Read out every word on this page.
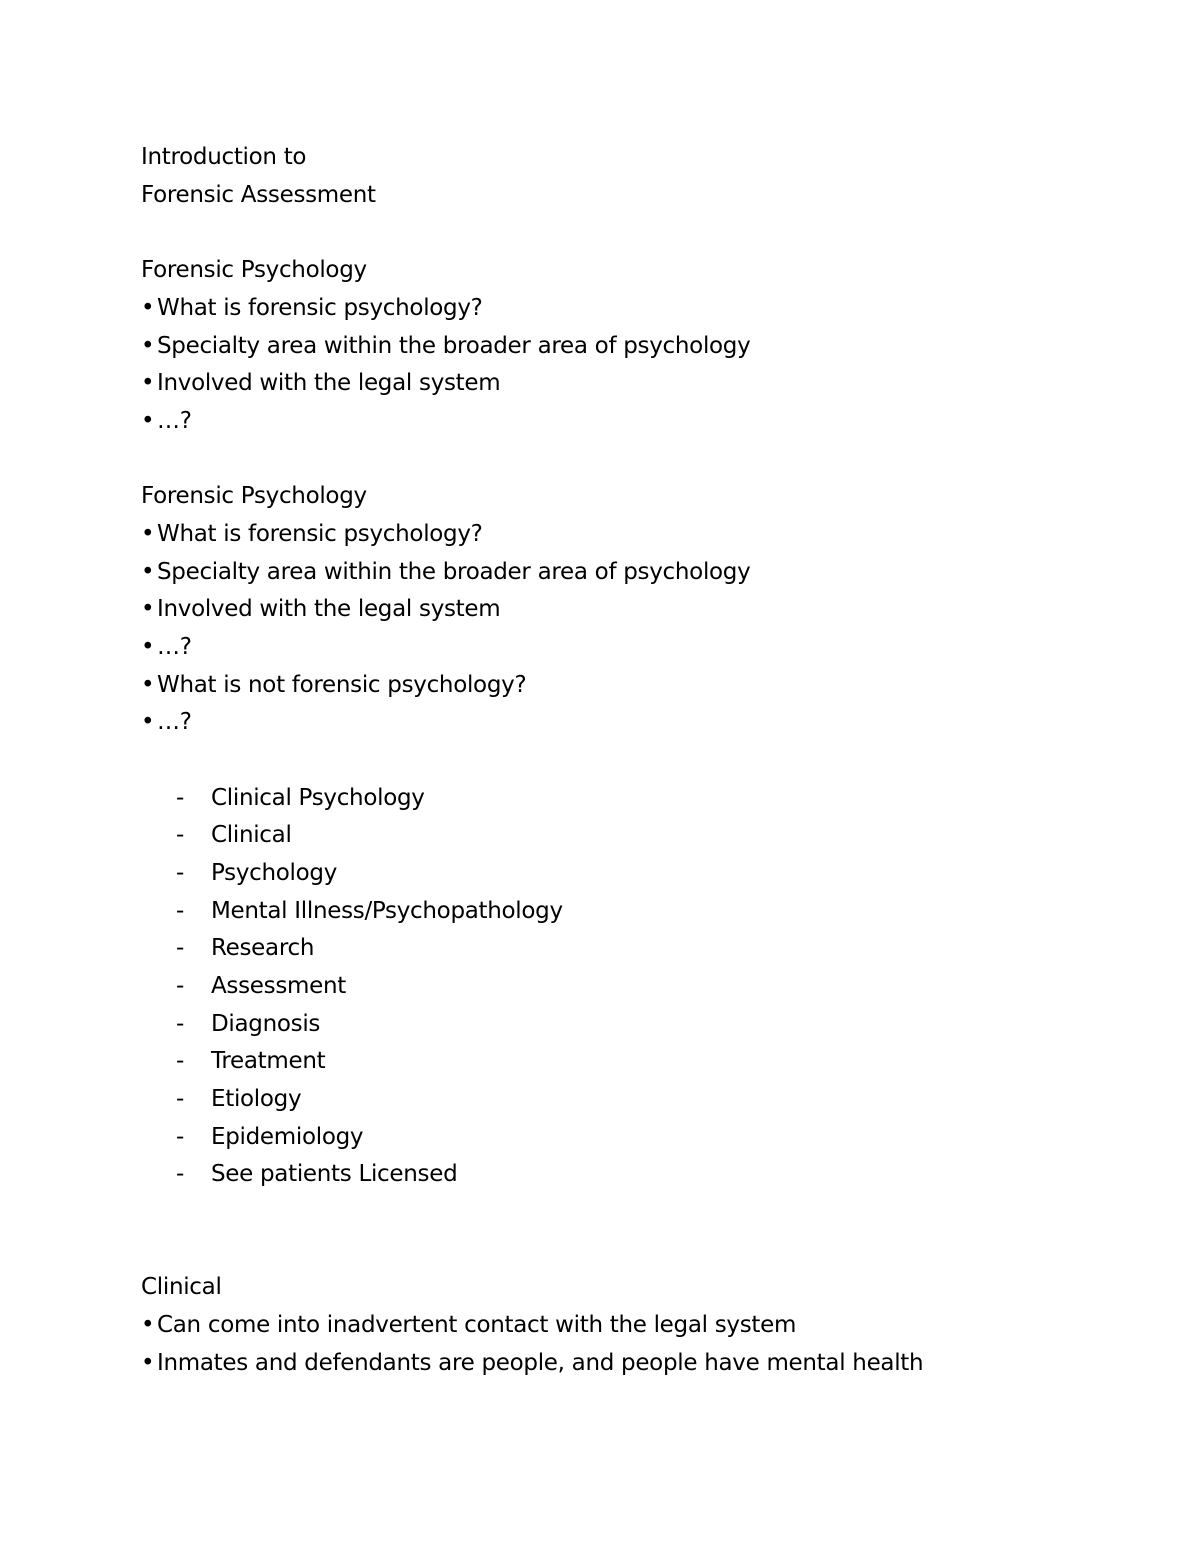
Introduction to
Forensic Assessment
Forensic Psychology
• What is forensic psychology?
• Specialty area within the broader area of psychology
• Involved with the legal system
• …?
Forensic Psychology
• What is forensic psychology?
• Specialty area within the broader area of psychology
• Involved with the legal system
• …?
• What is not forensic psychology?
• …?
- Clinical Psychology
- Clinical
- Psychology
- Mental Illness/Psychopathology
- Research
- Assessment
- Diagnosis
- Treatment
- Etiology
- Epidemiology
- See patients Licensed
Clinical
• Can come into inadvertent contact with the legal system
• Inmates and defendants are people, and people have mental health
